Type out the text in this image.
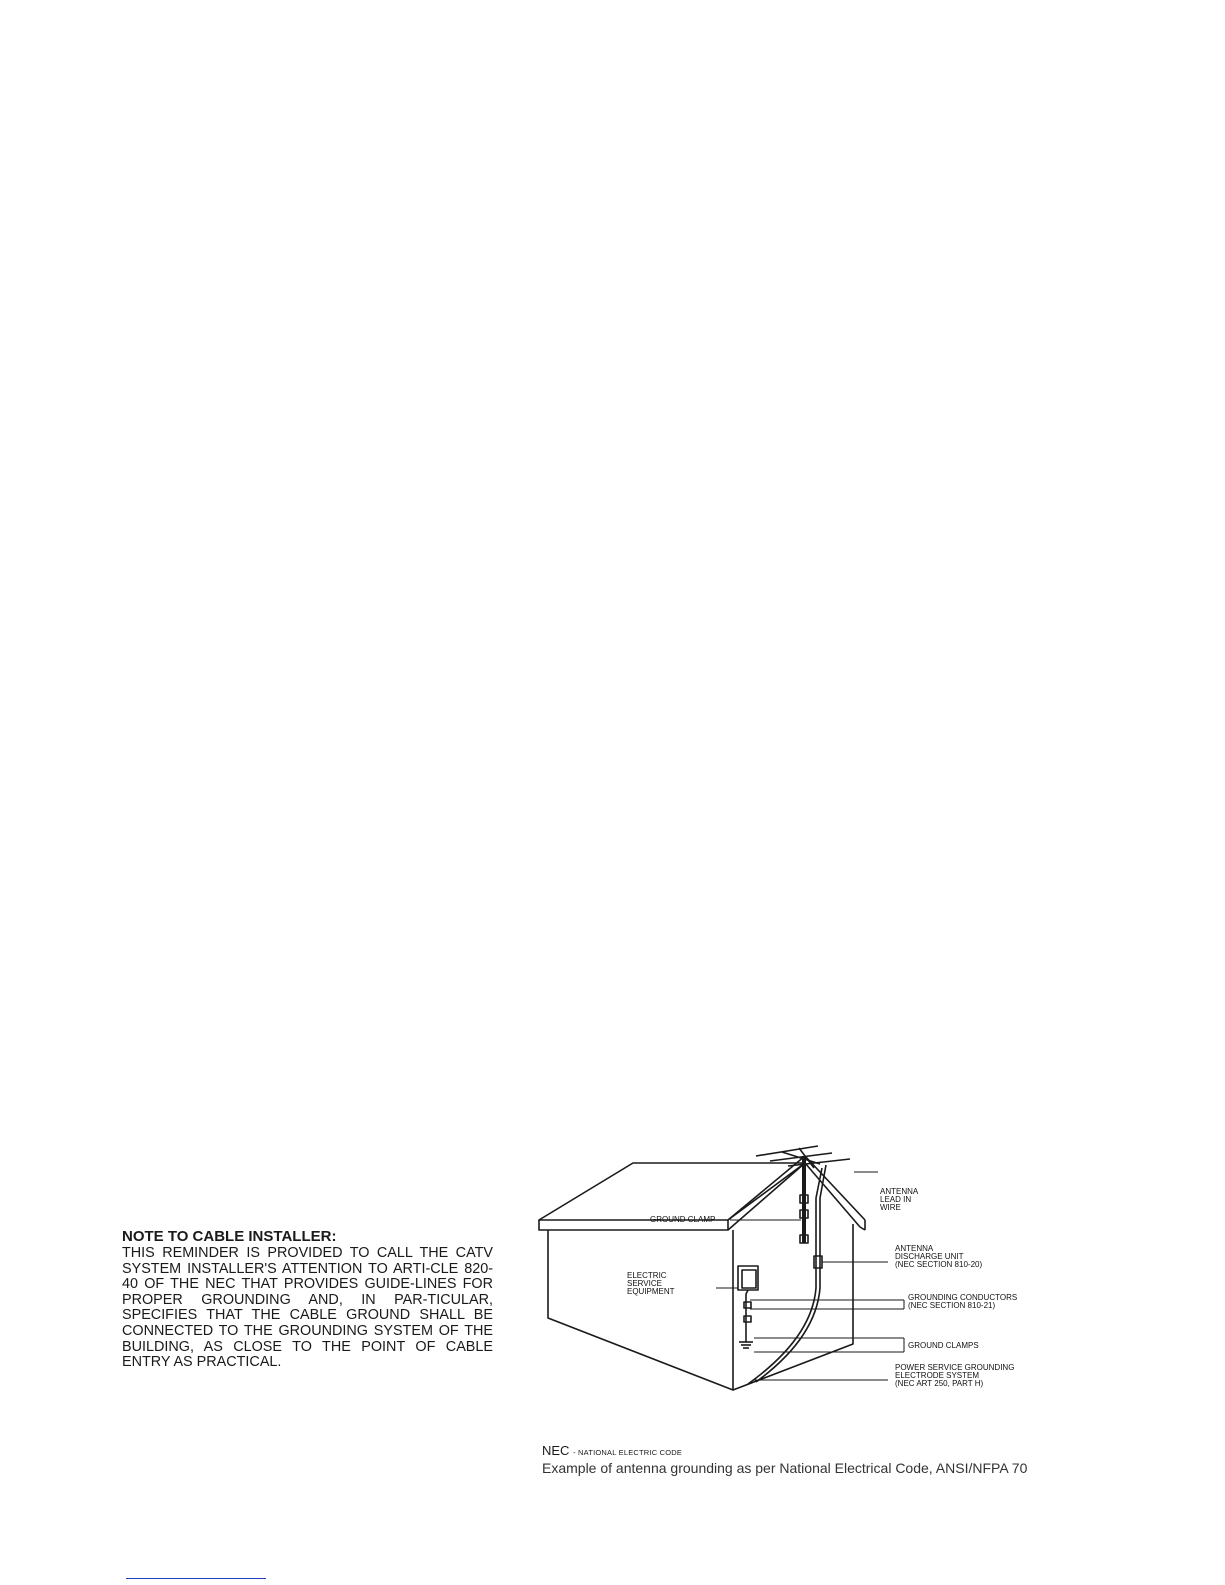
NOTE TO CABLE INSTALLER:

THIS REMINDER IS PROVIDED TO CALL THE CATV SYSTEM INSTALLER'S ATTENTION TO ARTI-CLE 820-40 OF THE NEC THAT PROVIDES GUIDE-LINES FOR PROPER GROUNDING AND, IN PAR-TICULAR, SPECIFIES THAT THE CABLE GROUND SHALL BE CONNECTED TO THE GROUNDING SYSTEM OF THE BUILDING, AS CLOSE TO THE POINT OF CABLE ENTRY AS PRACTICAL.

ANTENNA
LEAD IN
WIRE
GROUND CLAMP
ANTENNA
DISCHARGE UNIT
(NEC SECTION 810-20)
GROUNDING CONDUCTORS
(NEC SECTION 810-21)
ELECTRIC
SERVICE
EQUIPMENT
GROUND CLAMPS
POWER SERVICE GROUNDING
ELECTRODE SYSTEM
(NEC ART 250, PART H)

NEC - NATIONAL ELECTRIC CODE

Example of antenna grounding as per National Electrical Code, ANSI/NFPA 70
